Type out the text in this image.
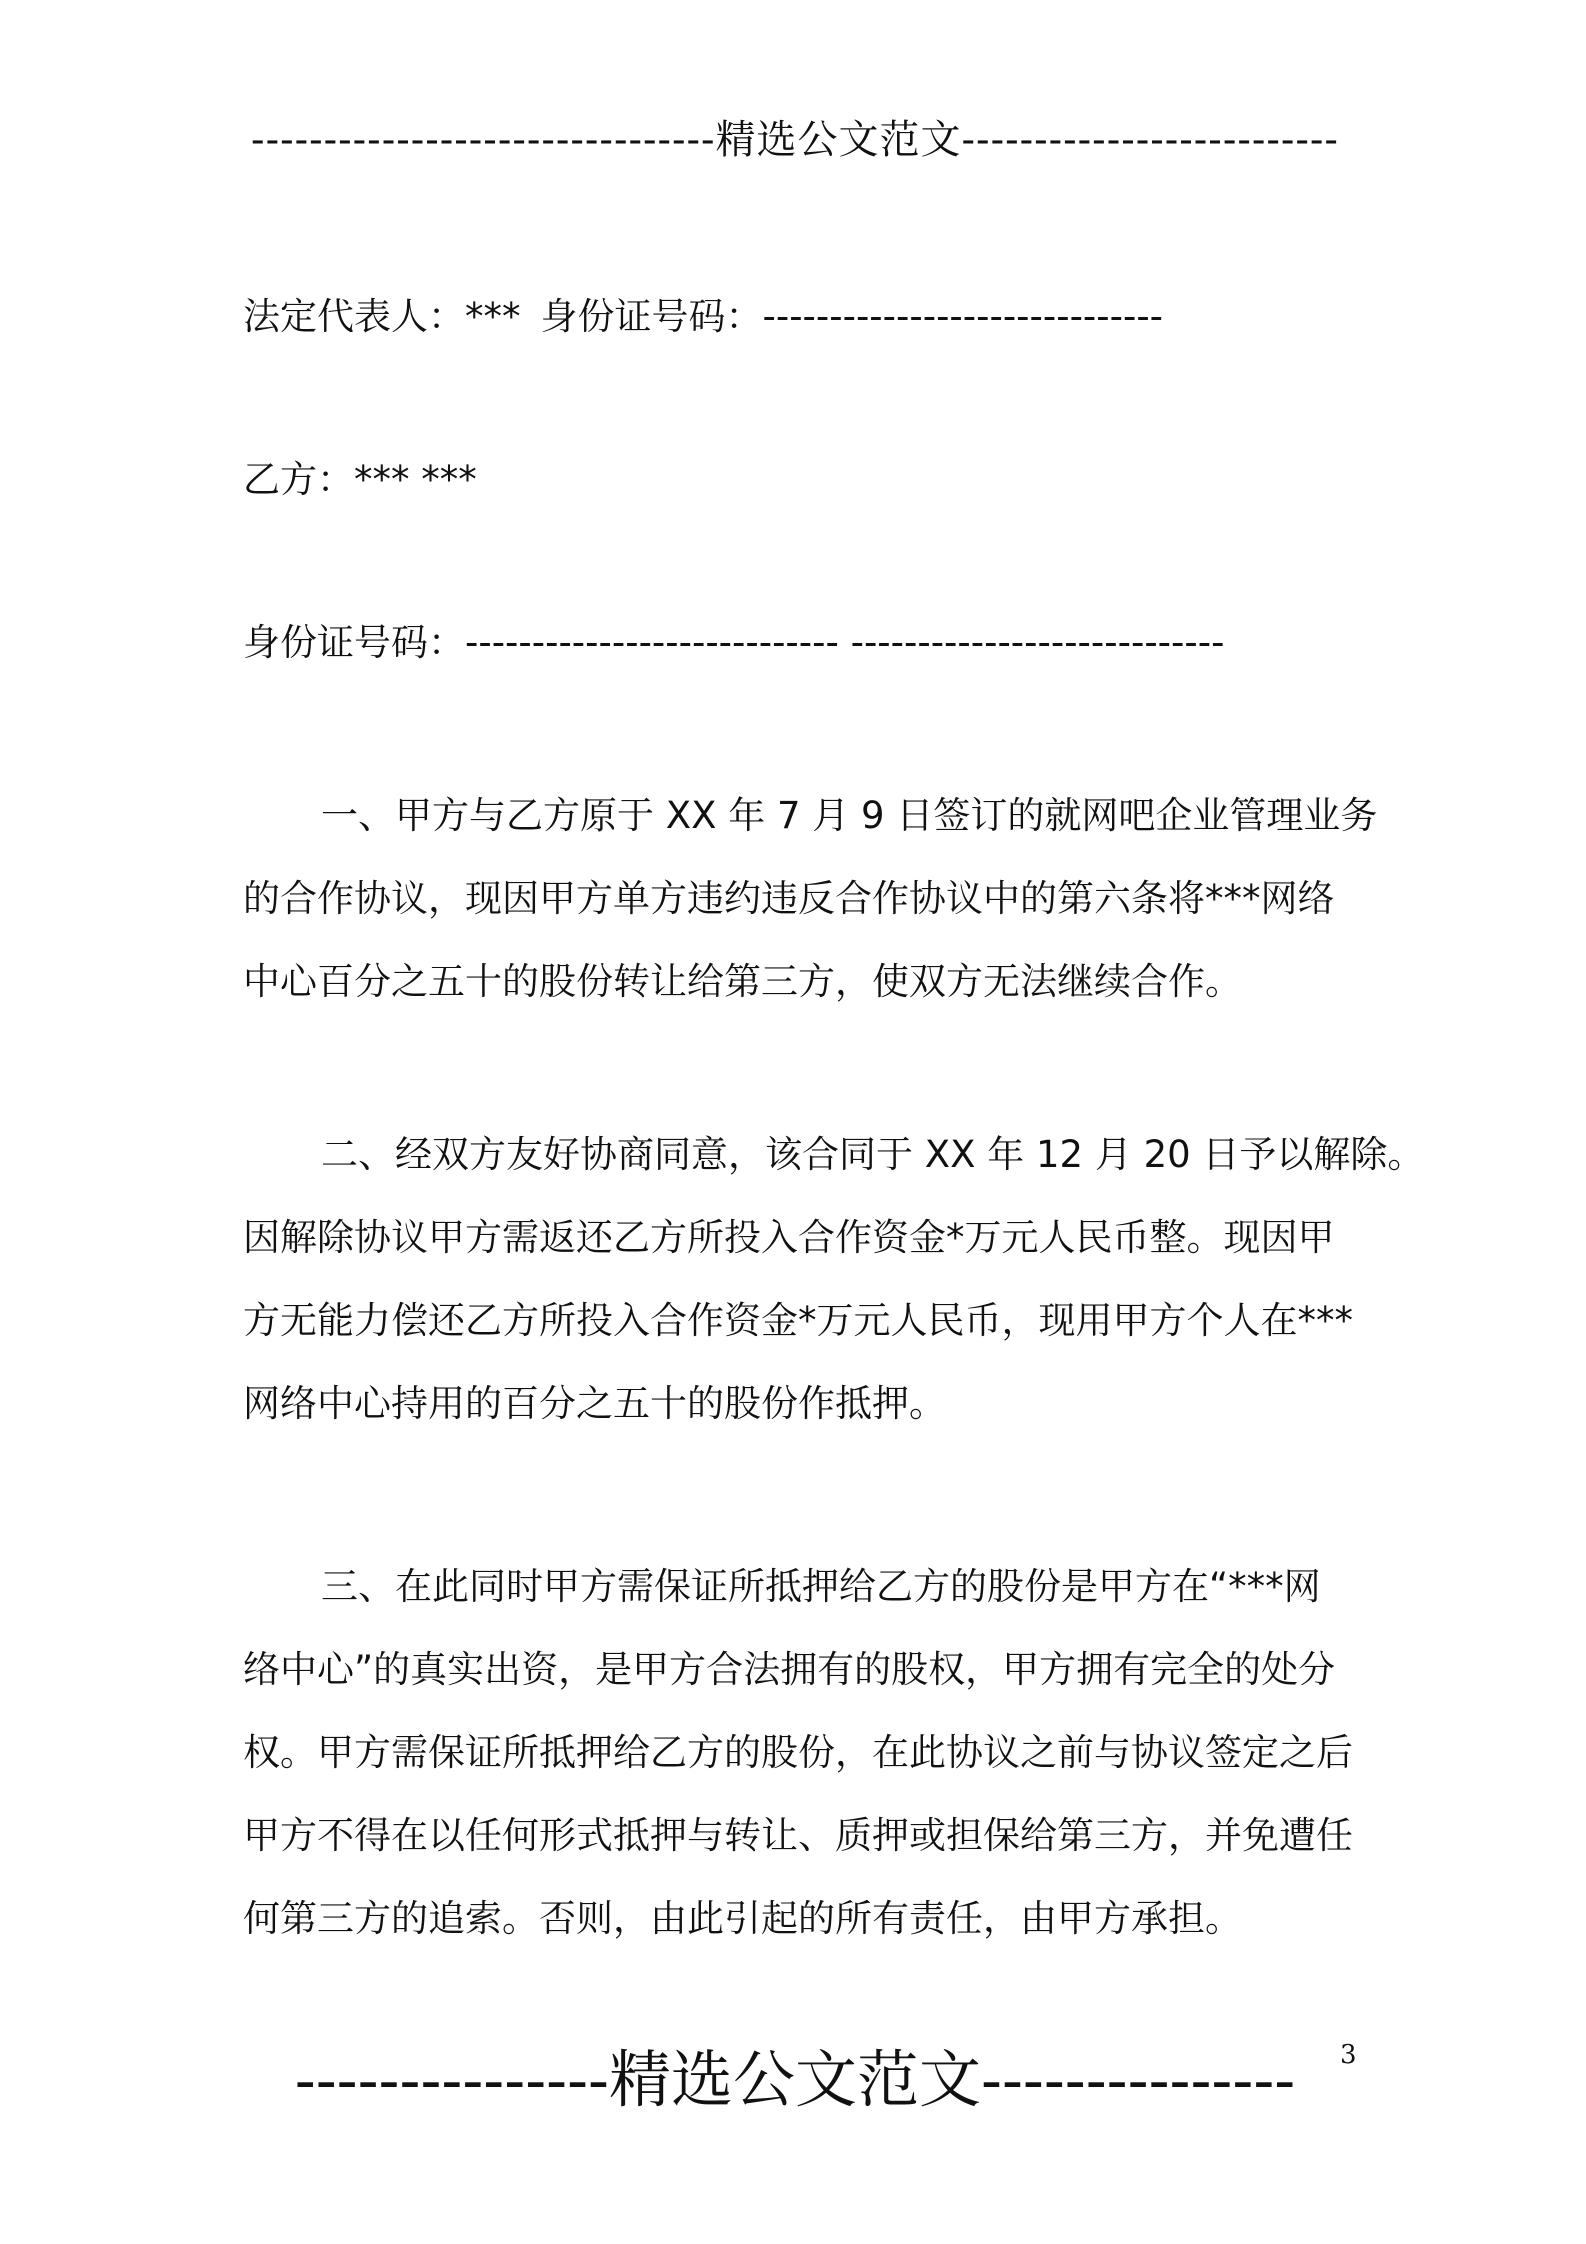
--------------------------------精选公文范文--------------------------
法定代表人：*** 身份证号码：------------------------------
乙方：*** ***
身份证号码：---------------------------- ----------------------------
一、甲方与乙方原于 XX 年 7 月 9 日签订的就网吧企业管理业务
的合作协议，现因甲方单方违约违反合作协议中的第六条将***网络
中心百分之五十的股份转让给第三方，使双方无法继续合作。
二、经双方友好协商同意，该合同于 XX 年 12 月 20 日予以解除。
因解除协议甲方需返还乙方所投入合作资金*万元人民币整。现因甲
方无能力偿还乙方所投入合作资金*万元人民币，现用甲方个人在***
网络中心持用的百分之五十的股份作抵押。
三、在此同时甲方需保证所抵押给乙方的股份是甲方在“***网
络中心”的真实出资，是甲方合法拥有的股权，甲方拥有完全的处分
权。甲方需保证所抵押给乙方的股份，在此协议之前与协议签定之后
甲方不得在以任何形式抵押与转让、质押或担保给第三方，并免遭任
何第三方的追索。否则，由此引起的所有责任，由甲方承担。
---------------精选公文范文---------------	3
